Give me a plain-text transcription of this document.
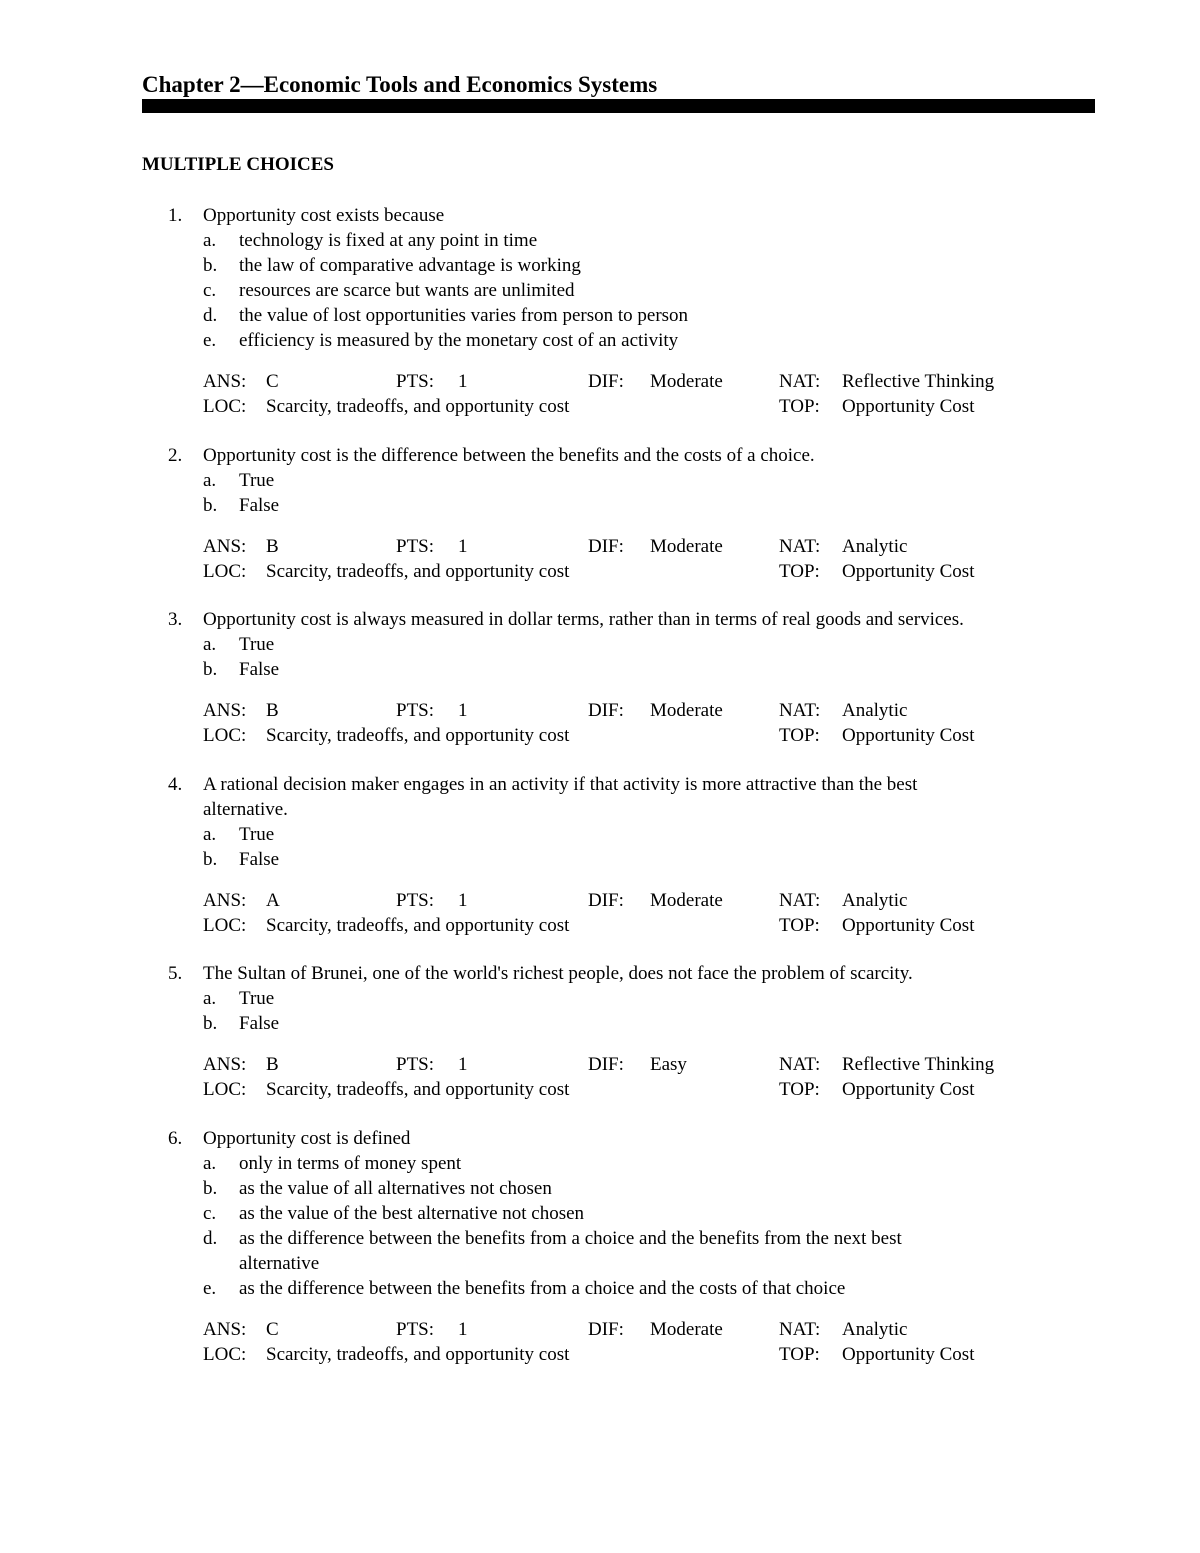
Chapter 2—Economic Tools and Economics Systems
MULTIPLE CHOICES
1. Opportunity cost exists because
a. technology is fixed at any point in time
b. the law of comparative advantage is working
c. resources are scarce but wants are unlimited
d. the value of lost opportunities varies from person to person
e. efficiency is measured by the monetary cost of an activity
ANS: C	PTS: 1	DIF: Moderate	NAT: Reflective Thinking
LOC: Scarcity, tradeoffs, and opportunity cost	TOP: Opportunity Cost
2. Opportunity cost is the difference between the benefits and the costs of a choice.
a. True
b. False
ANS: B	PTS: 1	DIF: Moderate	NAT: Analytic
LOC: Scarcity, tradeoffs, and opportunity cost	TOP: Opportunity Cost
3. Opportunity cost is always measured in dollar terms, rather than in terms of real goods and services.
a. True
b. False
ANS: B	PTS: 1	DIF: Moderate	NAT: Analytic
LOC: Scarcity, tradeoffs, and opportunity cost	TOP: Opportunity Cost
4. A rational decision maker engages in an activity if that activity is more attractive than the best
alternative.
a. True
b. False
ANS: A	PTS: 1	DIF: Moderate	NAT: Analytic
LOC: Scarcity, tradeoffs, and opportunity cost	TOP: Opportunity Cost
5. The Sultan of Brunei, one of the world's richest people, does not face the problem of scarcity.
a. True
b. False
ANS: B	PTS: 1	DIF: Easy	NAT: Reflective Thinking
LOC: Scarcity, tradeoffs, and opportunity cost	TOP: Opportunity Cost
6. Opportunity cost is defined
a. only in terms of money spent
b. as the value of all alternatives not chosen
c. as the value of the best alternative not chosen
d. as the difference between the benefits from a choice and the benefits from the next best
alternative
e. as the difference between the benefits from a choice and the costs of that choice
ANS: C	PTS: 1	DIF: Moderate	NAT: Analytic
LOC: Scarcity, tradeoffs, and opportunity cost	TOP: Opportunity Cost
